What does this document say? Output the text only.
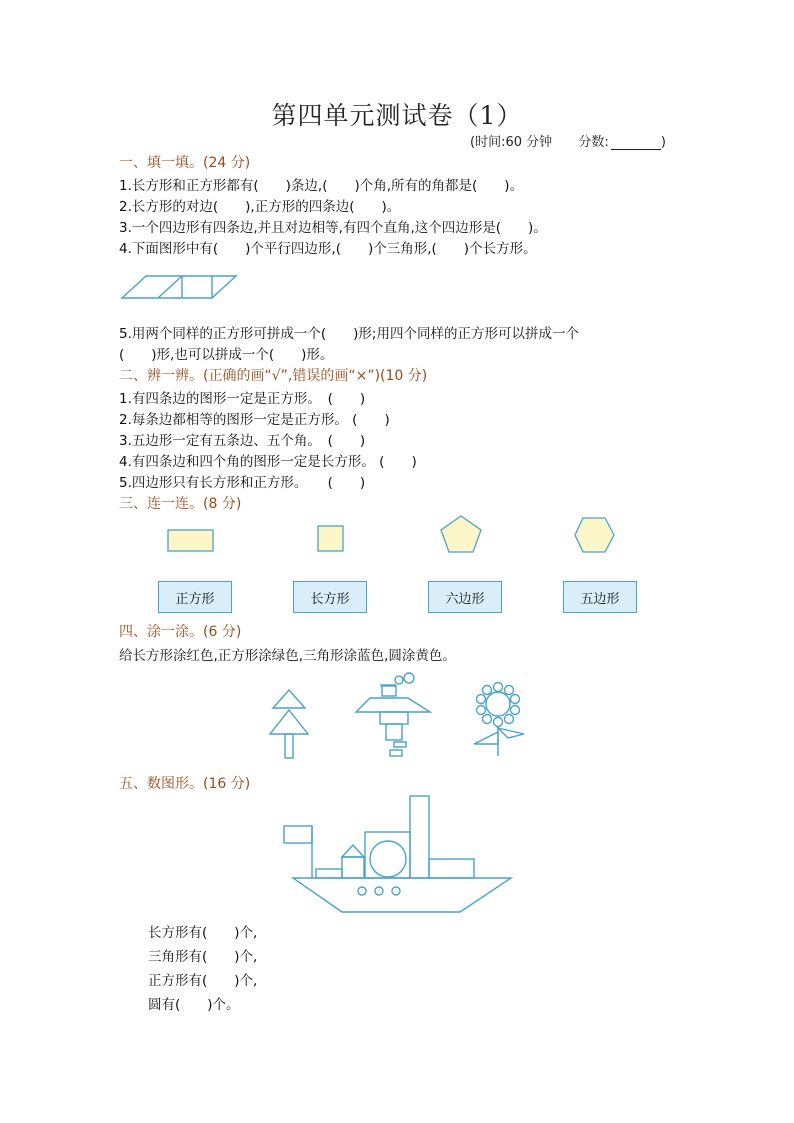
第四单元测试卷（1）
(时间:60 分钟 分数:	)
一、填一填。(24 分)
1.长方形和正方形都有(　　)条边,(　　)个角,所有的角都是(　　)。
2.长方形的对边(　　),正方形的四条边(　　)。
3.一个四边形有四条边,并且对边相等,有四个直角,这个四边形是(　　)。
4.下面图形中有(　　)个平行四边形,(　　)个三角形,(　　)个长方形。
5.用两个同样的正方形可拼成一个(　　)形;用四个同样的正方形可以拼成一个
(　　)形,也可以拼成一个(　　)形。
二、辨一辨。(正确的画“√”,错误的画“×”)(10 分)
1.有四条边的图形一定是正方形。　(　　)
2.每条边都相等的图形一定是正方形。 (　　)
3.五边形一定有五条边、五个角。　(　　)
4.有四条边和四个角的图形一定是长方形。 (　　)
5.四边形只有长方形和正方形。　　(　　)
三、连一连。(8 分)
正方形	长方形	六边形	五边形
四、涂一涂。(6 分)
给长方形涂红色,正方形涂绿色,三角形涂蓝色,圆涂黄色。
五、数图形。(16 分)
长方形有(　　)个,
三角形有(　　)个,
正方形有(　　)个,
圆有(　　)个。
